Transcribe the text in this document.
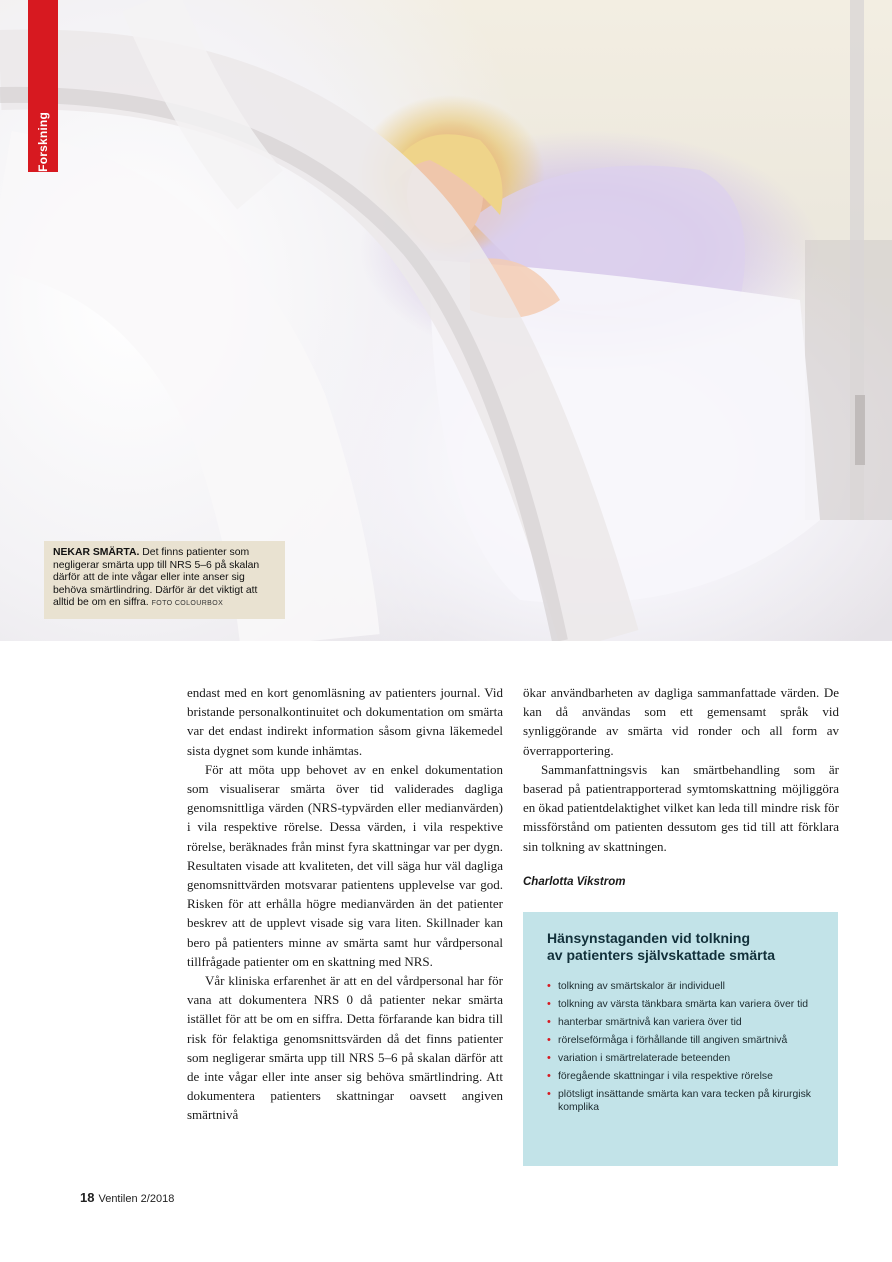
Forskning
NEKAR SMÄRTA. Det finns patienter som negligerar smärta upp till NRS 5–6 på skalan därför att de inte vågar eller inte anser sig behöva smärtlindring. Därför är det viktigt att alltid be om en siffra. FOTO COLOURBOX

endast med en kort genomläsning av patienters journal. Vid bristande personalkontinuitet och dokumentation om smärta var det endast indirekt information såsom givna läkemedel sista dygnet som kunde inhämtas.

För att möta upp behovet av en enkel dokumentation som visualiserar smärta över tid validerades dagliga genomsnittliga värden (NRS-typvärden eller medianvärden) i vila respektive rörelse. Dessa värden, i vila respektive rörelse, beräknades från minst fyra skattningar var per dygn. Resultaten visade att kvaliteten, det vill säga hur väl dagliga genomsnittvärden motsvarar patientens upplevelse var god. Risken för att erhålla högre medianvärden än det patienter beskrev att de upplevt visade sig vara liten. Skillnader kan bero på patienters minne av smärta samt hur vårdpersonal tillfrågade patienter om en skattning med NRS.

Vår kliniska erfarenhet är att en del vårdpersonal har för vana att dokumentera NRS 0 då patienter nekar smärta istället för att be om en siffra. Detta förfarande kan bidra till risk för felaktiga genomsnittsvärden då det finns patienter som negligerar smärta upp till NRS 5–6 på skalan därför att de inte vågar eller inte anser sig behöva smärtlindring. Att dokumentera patienters skattningar oavsett angiven smärtnivå

ökar användbarheten av dagliga sammanfattade värden. De kan då användas som ett gemensamt språk vid synliggörande av smärta vid ronder och all form av överrapportering.

Sammanfattningsvis kan smärtbehandling som är baserad på patientrapporterad symtomskattning möjliggöra en ökad patientdelaktighet vilket kan leda till mindre risk för missförstånd om patienten dessutom ges tid till att förklara sin tolkning av skattningen.

Charlotta Vikstrom
Hänsynstaganden vid tolkning
av patienters självskattade smärta
• tolkning av smärtskalor är individuell
• tolkning av värsta tänkbara smärta kan variera över tid
• hanterbar smärtnivå kan variera över tid
• rörelseförmåga i förhållande till angiven smärtnivå
• variation i smärtrelaterade beteenden
• föregående skattningar i vila respektive rörelse
• plötsligt insättande smärta kan vara tecken på kirurgisk komplika
18 Ventilen 2/2018
